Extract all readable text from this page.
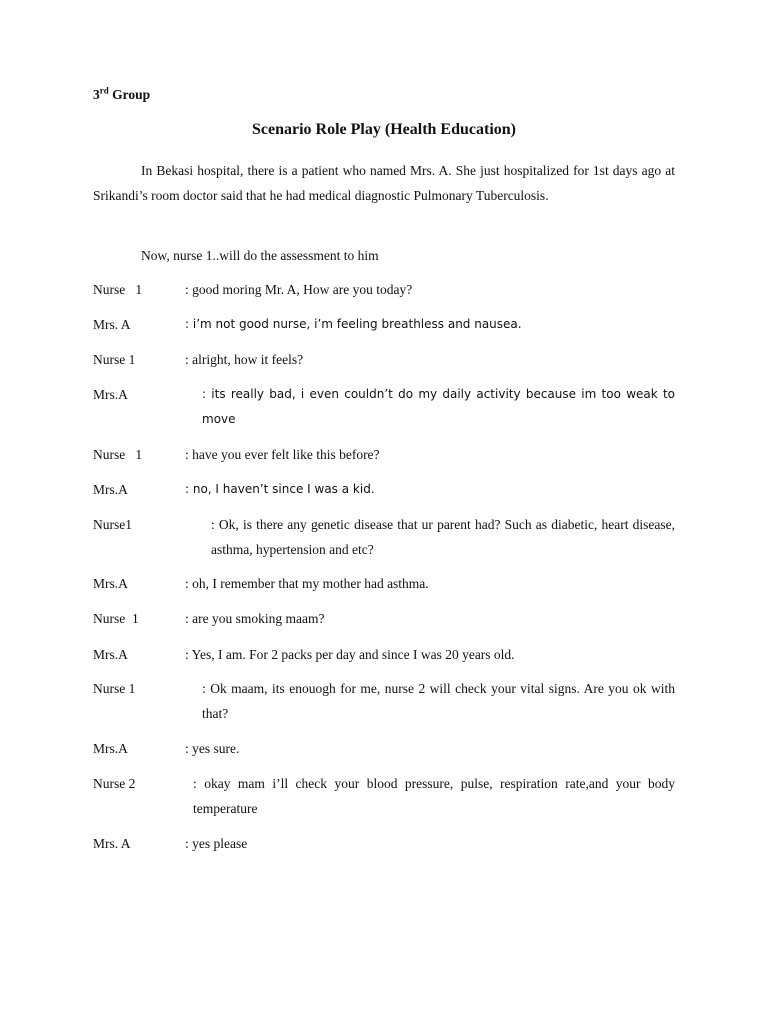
3rd Group
Scenario Role Play (Health Education)
In Bekasi hospital, there is a patient who named Mrs. A. She just hospitalized for 1st days ago at Srikandi’s room doctor said that he had medical diagnostic Pulmonary Tuberculosis.
Now, nurse 1..will do the assessment to him
Nurse   1	: good moring Mr. A, How are you today?
Mrs. A	: i’m not good nurse, i’m feeling breathless and nausea.
Nurse 1	: alright, how it feels?
Mrs.A	: its really bad, i even couldn’t do my daily activity because im too weak to move
Nurse   1	: have you ever felt like this before?
Mrs.A	: no, I haven’t since I was a kid.
Nurse1	: Ok, is there any genetic disease that ur parent had? Such as diabetic, heart disease, asthma, hypertension and etc?
Mrs.A	: oh, I remember that my mother had asthma.
Nurse  1	: are you smoking maam?
Mrs.A	: Yes, I am. For 2 packs per day and since I was 20 years old.
Nurse 1	: Ok maam, its enouogh for me, nurse 2 will check your vital signs. Are you ok with that?
Mrs.A	: yes sure.
Nurse 2	: okay mam i’ll check your blood pressure, pulse, respiration rate,and your body temperature
Mrs. A	: yes please
